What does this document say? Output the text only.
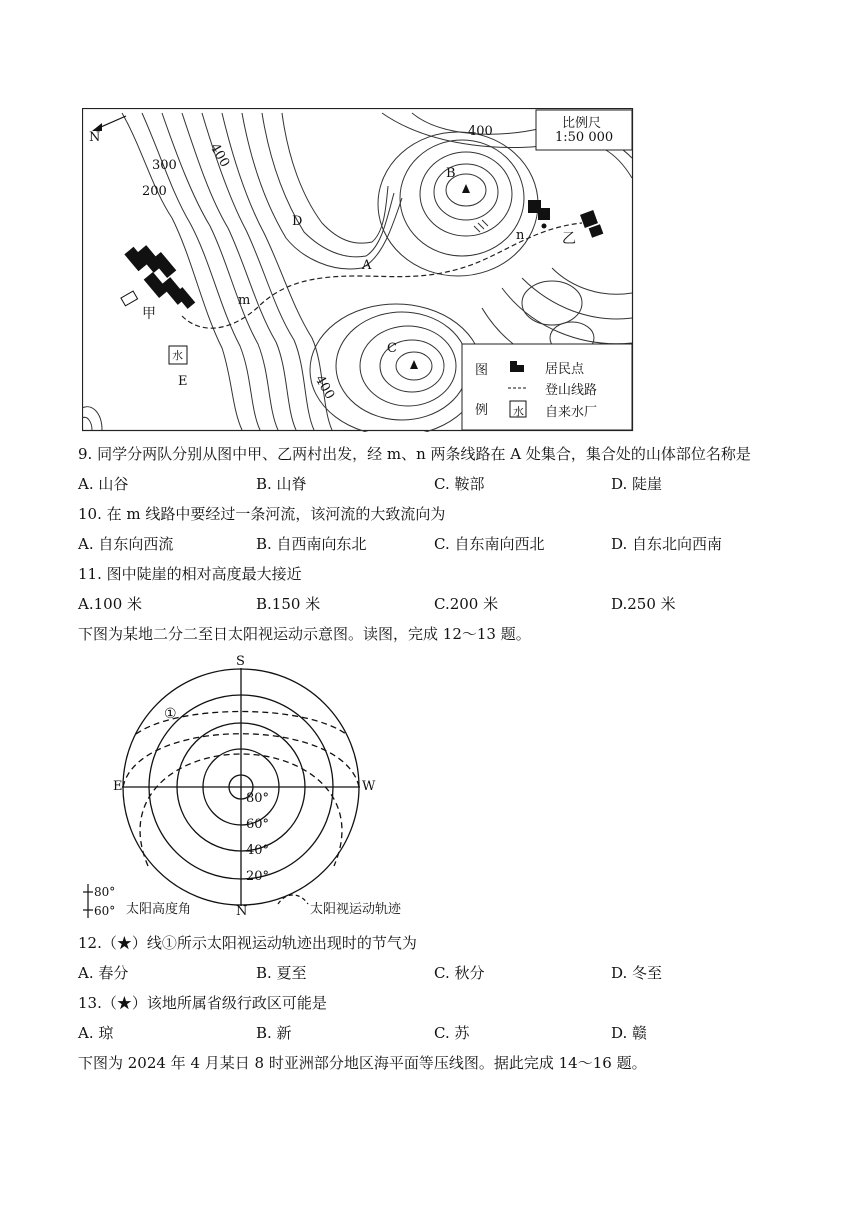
N
比例尺
1:50 000
400
300
200
400
400
B
C
D
A
m
n
甲
乙
E
水
图
例
居民点
登山线路
自来水厂
水
9. 同学分两队分别从图中甲、乙两村出发，经 m、n 两条线路在 A 处集合，集合处的山体部位名称是
A. 山谷	B. 山脊	C. 鞍部	D. 陡崖
10. 在 m 线路中要经过一条河流，该河流的大致流向为
A. 自东向西流	B. 自西南向东北	C. 自东南向西北	D. 自东北向西南
11. 图中陡崖的相对高度最大接近
A.100 米	B.150 米	C.200 米	D.250 米
下图为某地二分二至日太阳视运动示意图。读图，完成 12～13 题。
S
N
E	W
80°
60°
40°
20°
①
80°
60° 太阳高度角	太阳视运动轨迹
12.（★）线①所示太阳视运动轨迹出现时的节气为
A. 春分	B. 夏至	C. 秋分	D. 冬至
13.（★）该地所属省级行政区可能是
A. 琼	B. 新	C. 苏	D. 赣
下图为 2024 年 4 月某日 8 时亚洲部分地区海平面等压线图。据此完成 14～16 题。
